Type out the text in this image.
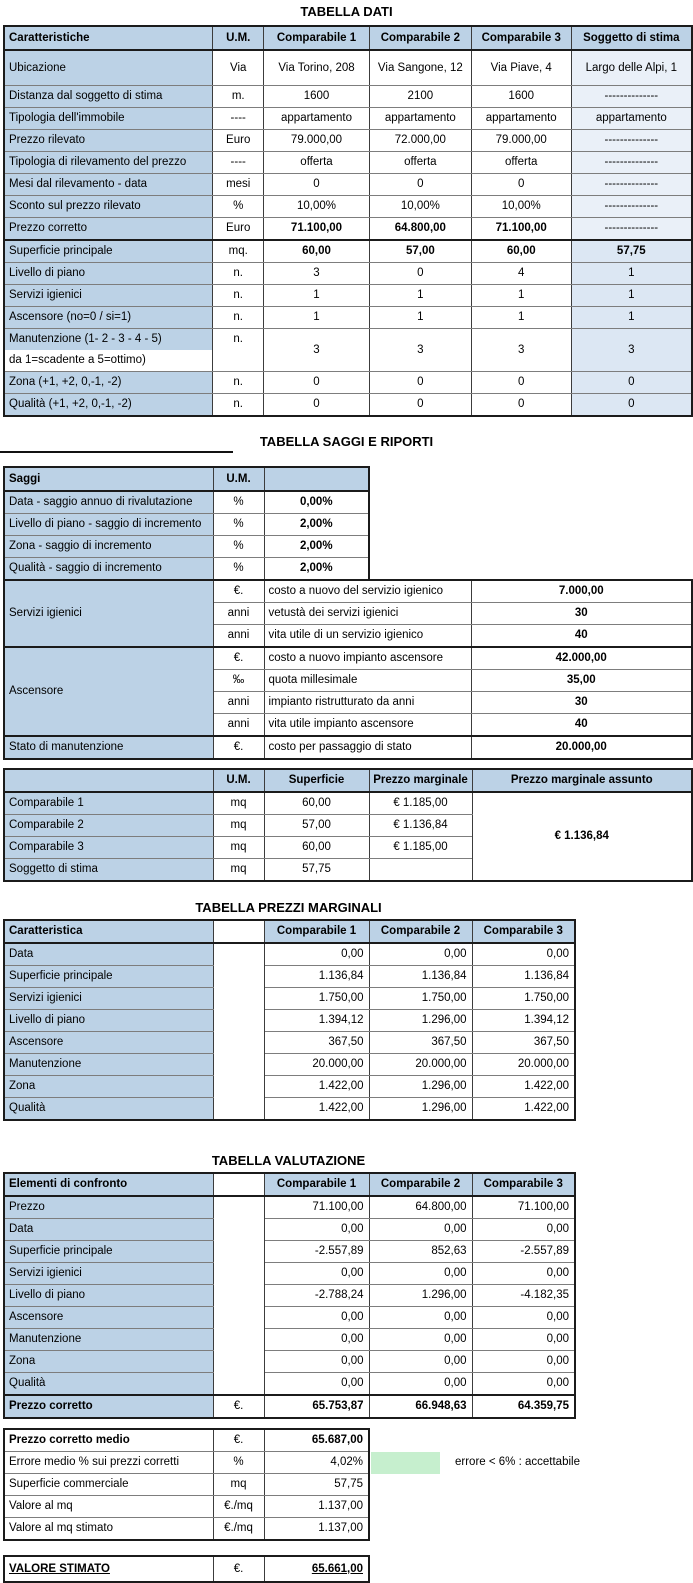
TABELLA DATI
Caratteristiche	U.M.	Comparabile 1	Comparabile 2	Comparabile 3	Soggetto di stima
Ubicazione	Via	Via Torino, 208	Via Sangone, 12	Via Piave, 4	Largo delle Alpi, 1
Distanza dal soggetto di stima	m.	1600	2100	1600	--------------
Tipologia dell'immobile	----	appartamento	appartamento	appartamento	appartamento
Prezzo rilevato	Euro	79.000,00	72.000,00	79.000,00	--------------
Tipologia di rilevamento del prezzo	----	offerta	offerta	offerta	--------------
Mesi dal rilevamento - data	mesi	0	0	0	--------------
Sconto sul prezzo rilevato	%	10,00%	10,00%	10,00%	--------------
Prezzo corretto	Euro	71.100,00	64.800,00	71.100,00	--------------
Superficie principale	mq.	60,00	57,00	60,00	57,75
Livello di piano	n.	3	0	4	1
Servizi igienici	n.	1	1	1	1
Ascensore (no=0 / si=1)	n.	1	1	1	1
Manutenzione (1- 2 - 3 - 4 - 5)	n.	3	3	3	3
da 1=scadente a 5=ottimo)					
Zona (+1, +2, 0,-1, -2)	n.	0	0	0	0
Qualità (+1, +2, 0,-1, -2)	n.	0	0	0	0
TABELLA SAGGI E RIPORTI
Saggi	U.M.			
Data - saggio annuo di rivalutazione	%	0,00%		
Livello di piano - saggio di incremento	%	2,00%		
Zona - saggio di incremento	%	2,00%		
Qualità - saggio di incremento	%	2,00%		
Servizi igienici	€.	costo a nuovo del servizio igienico		7.000,00
	anni	vetustà dei servizi igienici		30
	anni	vita utile di un servizio igienico		40
Ascensore	€.	costo a nuovo impianto ascensore		42.000,00
	‰	quota millesimale		35,00
	anni	impianto ristrutturato da anni		30
	anni	vita utile impianto ascensore		40
Stato di manutenzione	€.	costo per passaggio di stato		20.000,00
	U.M.	Superficie	Prezzo marginale	Prezzo marginale assunto
Comparabile 1	mq	60,00	€ 1.185,00	€ 1.136,84
Comparabile 2	mq	57,00	€ 1.136,84	
Comparabile 3	mq	60,00	€ 1.185,00	
Soggetto di stima	mq	57,75		
TABELLA PREZZI MARGINALI
Caratteristica		Comparabile 1	Comparabile 2	Comparabile 3
Data		0,00	0,00	0,00
Superficie principale		1.136,84	1.136,84	1.136,84
Servizi igienici		1.750,00	1.750,00	1.750,00
Livello di piano		1.394,12	1.296,00	1.394,12
Ascensore		367,50	367,50	367,50
Manutenzione		20.000,00	20.000,00	20.000,00
Zona		1.422,00	1.296,00	1.422,00
Qualità		1.422,00	1.296,00	1.422,00
TABELLA VALUTAZIONE
Elementi di confronto		Comparabile 1	Comparabile 2	Comparabile 3
Prezzo		71.100,00	64.800,00	71.100,00
Data		0,00	0,00	0,00
Superficie principale		-2.557,89	852,63	-2.557,89
Servizi igienici		0,00	0,00	0,00
Livello di piano		-2.788,24	1.296,00	-4.182,35
Ascensore		0,00	0,00	0,00
Manutenzione		0,00	0,00	0,00
Zona		0,00	0,00	0,00
Qualità		0,00	0,00	0,00
Prezzo corretto	€.	65.753,87	66.948,63	64.359,75
Prezzo corretto medio	€.	65.687,00
Errore medio % sui prezzi corretti	%	4,02%
Superficie commerciale	mq	57,75
Valore al mq	€./mq	1.137,00
Valore al mq stimato	€./mq	1.137,00
errore < 6% : accettabile
VALORE STIMATO	€.	65.661,00
